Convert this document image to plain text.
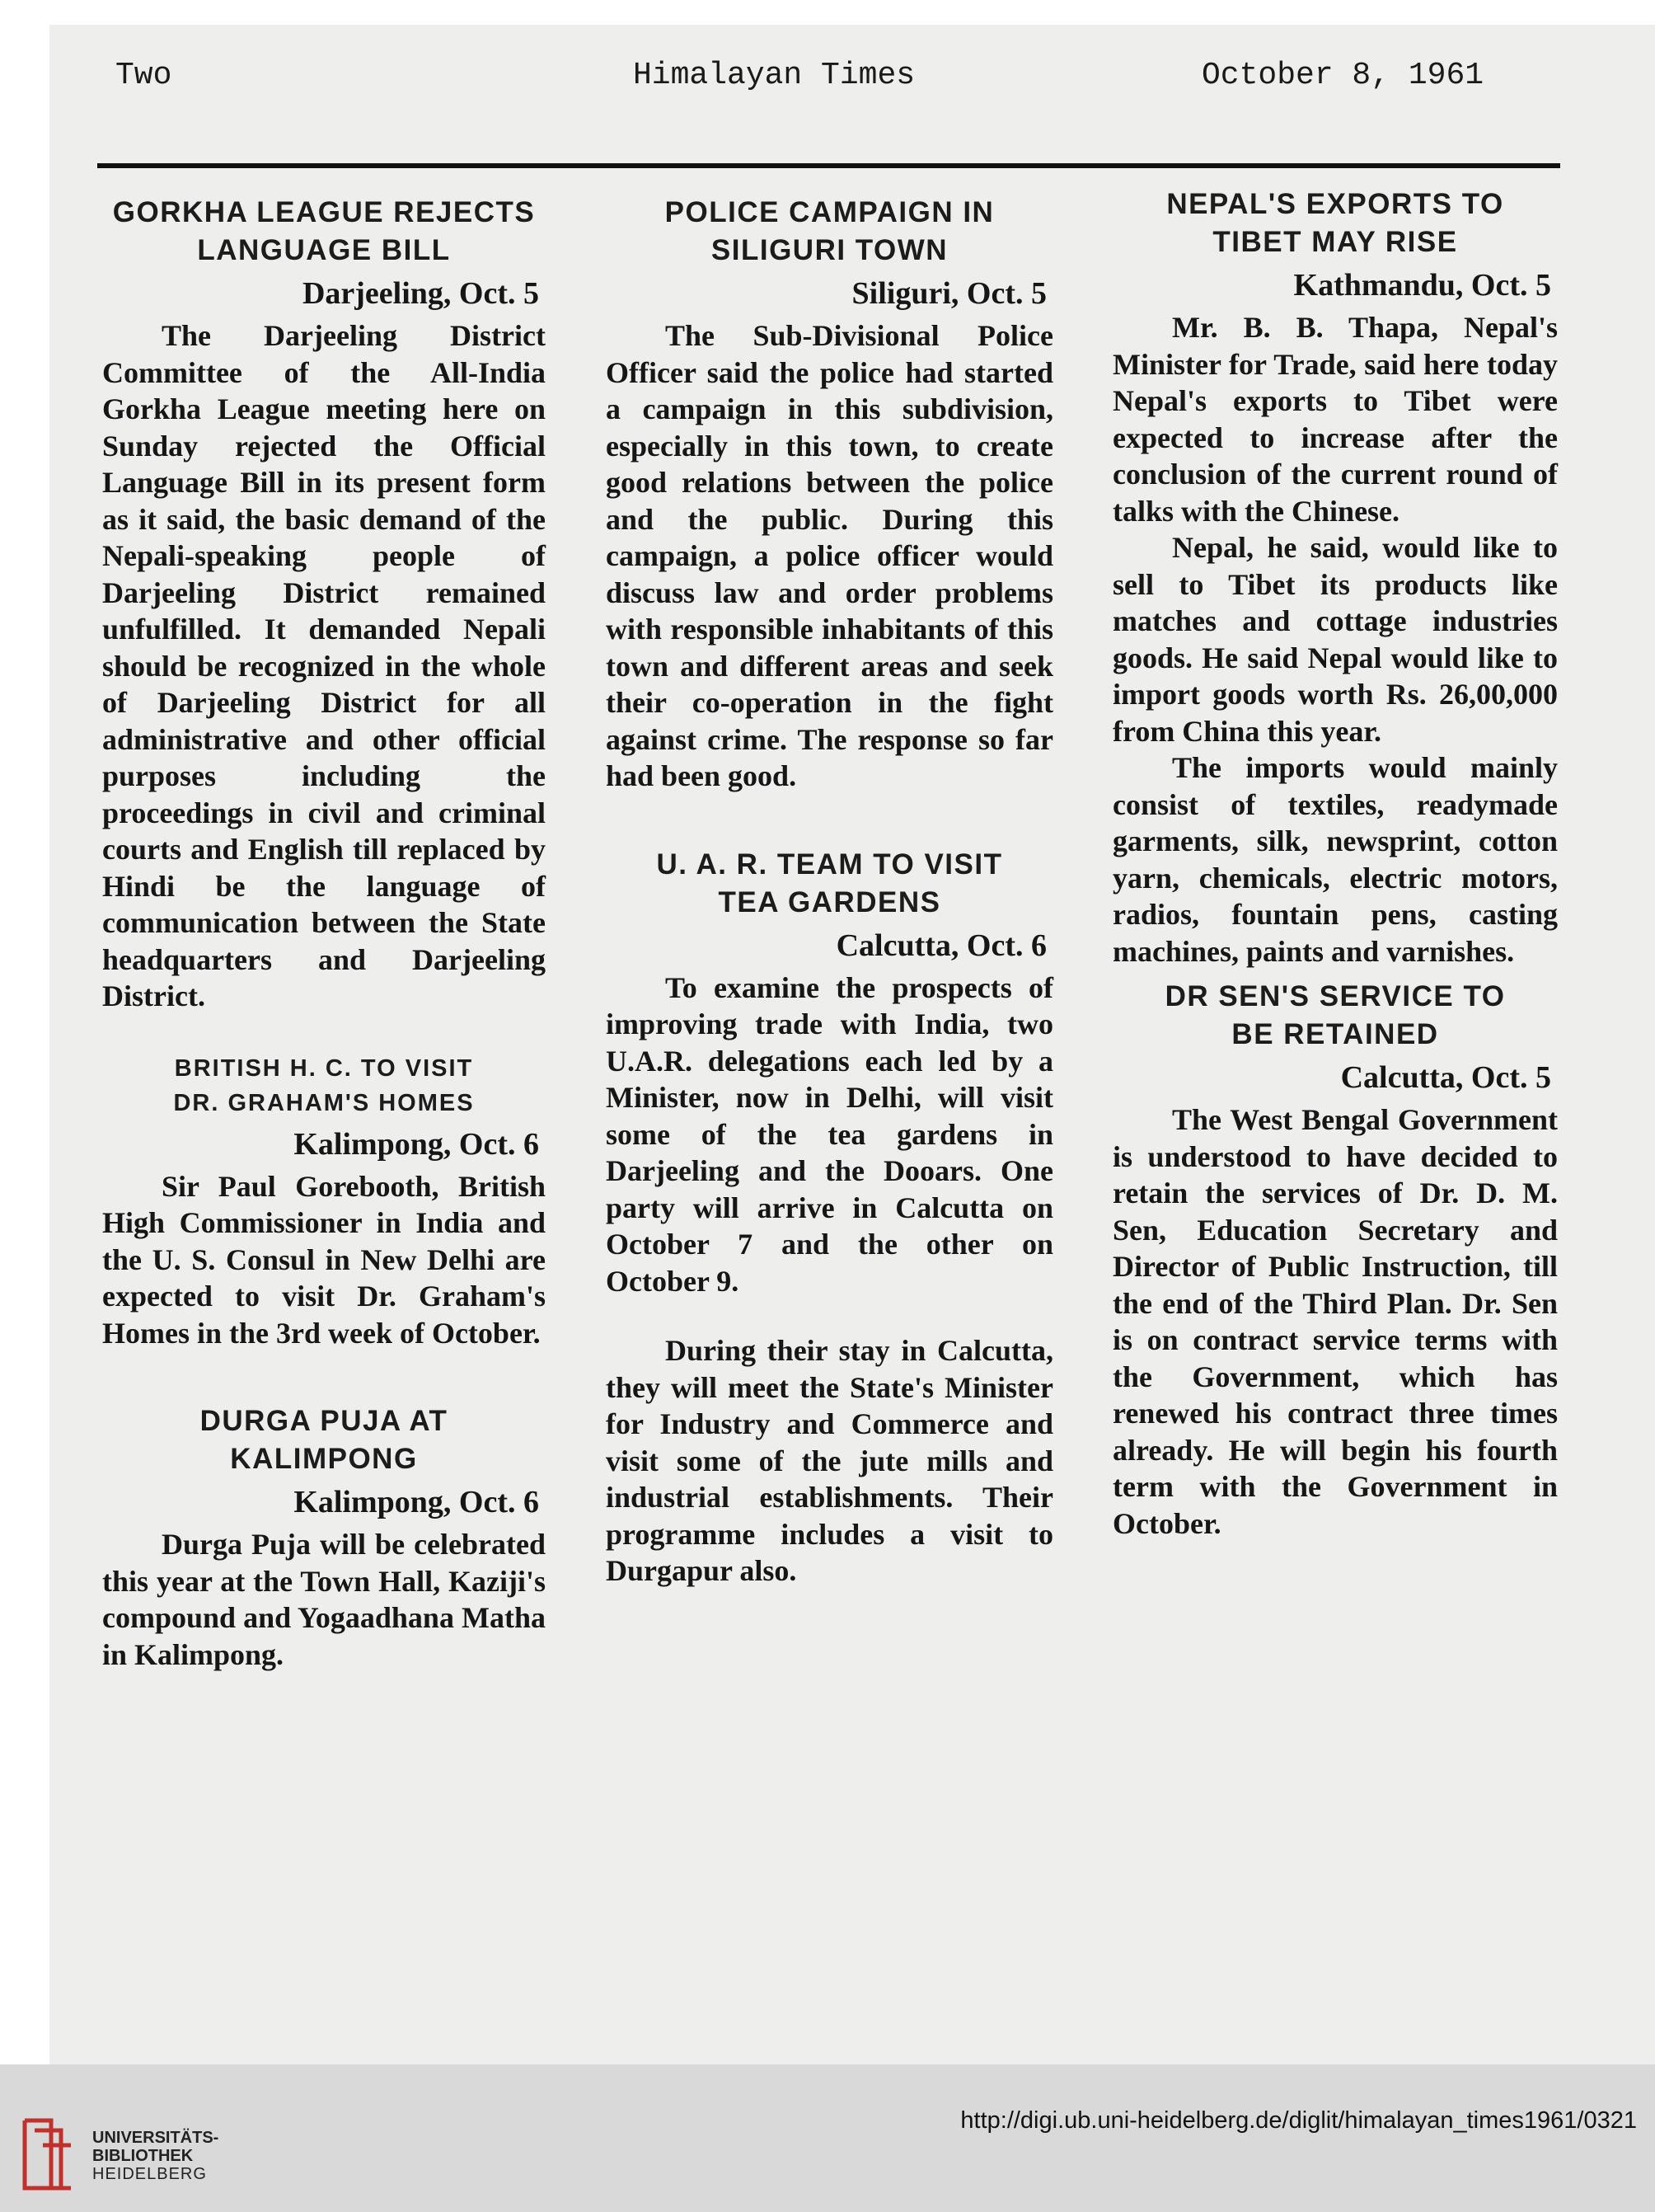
Two	Himalayan Times	October 8, 1961
GORKHA LEAGUE REJECTS
LANGUAGE BILL
Darjeeling, Oct. 5

The Darjeeling District Committee of the All-India Gorkha League meeting here on Sunday rejected the Official Language Bill in its present form as it said, the basic demand of the Nepali-speaking people of Darjeeling District remained unfulfilled. It demanded Nepali should be recognized in the whole of Darjeeling District for all administrative and other official purposes including the proceedings in civil and criminal courts and English till replaced by Hindi be the language of communication between the State headquarters and Darjeeling District.

BRITISH H. C. TO VISIT
DR. GRAHAM'S HOMES
Kalimpong, Oct. 6

Sir Paul Gorebooth, British High Commissioner in India and the U. S. Consul in New Delhi are expected to visit Dr. Graham's Homes in the 3rd week of October.

DURGA PUJA AT
KALIMPONG
Kalimpong, Oct. 6

Durga Puja will be celebrated this year at the Town Hall, Kaziji's compound and Yogaadhana Matha in Kalimpong.

POLICE CAMPAIGN IN
SILIGURI TOWN
Siliguri, Oct. 5

The Sub-Divisional Police Officer said the police had started a campaign in this subdivision, especially in this town, to create good relations between the police and the public. During this campaign, a police officer would discuss law and order problems with responsible inhabitants of this town and different areas and seek their co-operation in the fight against crime. The response so far had been good.

U. A. R. TEAM TO VISIT
TEA GARDENS
Calcutta, Oct. 6

To examine the prospects of improving trade with India, two U.A.R. delegations each led by a Minister, now in Delhi, will visit some of the tea gardens in Darjeeling and the Dooars. One party will arrive in Calcutta on October 7 and the other on October 9.

During their stay in Calcutta, they will meet the State's Minister for Industry and Commerce and visit some of the jute mills and industrial establishments. Their programme includes a visit to Durgapur also.

NEPAL'S EXPORTS TO
TIBET MAY RISE
Kathmandu, Oct. 5

Mr. B. B. Thapa, Nepal's Minister for Trade, said here today Nepal's exports to Tibet were expected to increase after the conclusion of the current round of talks with the Chinese.

Nepal, he said, would like to sell to Tibet its products like matches and cottage industries goods. He said Nepal would like to import goods worth Rs. 26,00,000 from China this year.

The imports would mainly consist of textiles, readymade garments, silk, newsprint, cotton yarn, chemicals, electric motors, radios, fountain pens, casting machines, paints and varnishes.

DR SEN'S SERVICE TO
BE RETAINED
Calcutta, Oct. 5

The West Bengal Government is understood to have decided to retain the services of Dr. D. M. Sen, Education Secretary and Director of Public Instruction, till the end of the Third Plan. Dr. Sen is on contract service terms with the Government, which has renewed his contract three times already. He will begin his fourth term with the Government in October.

UNIVERSITÄTS-
BIBLIOTHEK
HEIDELBERG
http://digi.ub.uni-heidelberg.de/diglit/himalayan_times1961/0321
